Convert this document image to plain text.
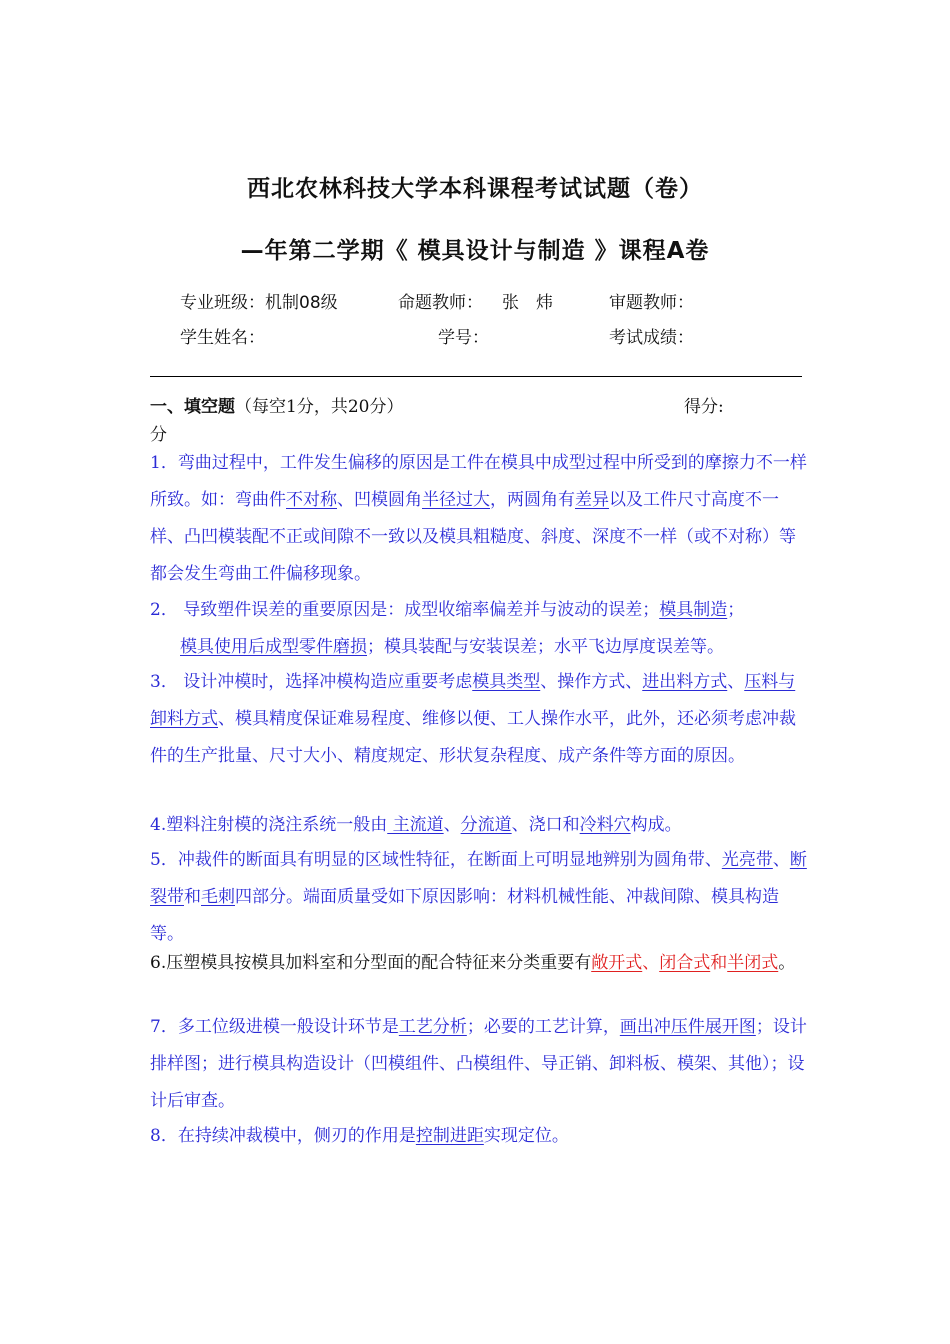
西北农林科技大学本科课程考试试题（卷）
—年第二学期《 模具设计与制造 》课程A卷
专业班级：机制08级	命题教师： 张　炜	审题教师：
学生姓名：	学号：	考试成绩：
一、填空题（每空1分，共20分）	得分:
分
1．弯曲过程中，工件发生偏移的原因是工件在模具中成型过程中所受到的摩擦力不一样所致。如：弯曲件不对称、凹模圆角半径过大，两圆角有差异以及工件尺寸高度不一样、凸凹模装配不正或间隙不一致以及模具粗糙度、斜度、深度不一样（或不对称）等都会发生弯曲工件偏移现象。
2． 导致塑件误差的重要原因是：成型收缩率偏差并与波动的误差；模具制造；
模具使用后成型零件磨损；模具装配与安装误差；水平飞边厚度误差等。
3． 设计冲模时，选择冲模构造应重要考虑模具类型、操作方式、进出料方式、压料与卸料方式、模具精度保证难易程度、维修以便、工人操作水平，此外，还必须考虑冲裁件的生产批量、尺寸大小、精度规定、形状复杂程度、成产条件等方面的原因。
4.塑料注射模的浇注系统一般由 主流道、分流道、浇口和冷料穴构成。
5．冲裁件的断面具有明显的区域性特征，在断面上可明显地辨别为圆角带、光亮带、断裂带和毛刺四部分。端面质量受如下原因影响：材料机械性能、冲裁间隙、模具构造等。
6.压塑模具按模具加料室和分型面的配合特征来分类重要有敞开式、闭合式和半闭式。
7．多工位级进模一般设计环节是工艺分析；必要的工艺计算，画出冲压件展开图；设计排样图；进行模具构造设计（凹模组件、凸模组件、导正销、卸料板、模架、其他）；设计后审查。
8．在持续冲裁模中，侧刃的作用是控制进距实现定位。
